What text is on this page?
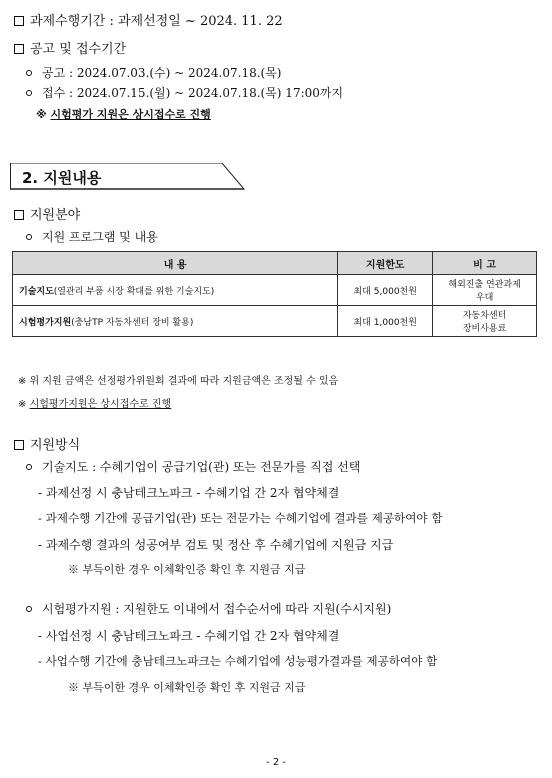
과제수행기간 : 과제선정일 ~ 2024. 11. 22
공고 및 접수기간
공고 : 2024.07.03.(수) ~ 2024.07.18.(목)
접수 : 2024.07.15.(월) ~ 2024.07.18.(목) 17:00까지
※ 시험평가 지원은 상시접수로 진행
2. 지원내용
지원분야
지원 프로그램 및 내용
내 용	지원한도	비 고
기술지도(열관리 부품 시장 확대를 위한 기술지도)	최대 5,000천원	해외진출 연관과제
우대
시험평가지원(충남TP 자동차센터 장비 활용)	최대 1,000천원	자동차센터
장비사용료
※ 위 지원 금액은 선정평가위원회 결과에 따라 지원금액은 조정될 수 있음
※ 시험평가지원은 상시접수로 진행
지원방식
기술지도 : 수혜기업이 공급기업(관) 또는 전문가를 직접 선택
- 과제선정 시 충남테크노파크 - 수혜기업 간 2자 협약체결
- 과제수행 기간에 공급기업(관) 또는 전문가는 수혜기업에 결과를 제공하여야 함
- 과제수행 결과의 성공여부 검토 및 정산 후 수혜기업에 지원금 지급
※ 부득이한 경우 이체확인증 확인 후 지원금 지급
시험평가지원 : 지원한도 이내에서 접수순서에 따라 지원(수시지원)
- 사업선정 시 충남테크노파크 - 수혜기업 간 2자 협약체결
- 사업수행 기간에 충남테크노파크는 수혜기업에 성능평가결과를 제공하여야 함
※ 부득이한 경우 이체확인증 확인 후 지원금 지급
- 2 -
